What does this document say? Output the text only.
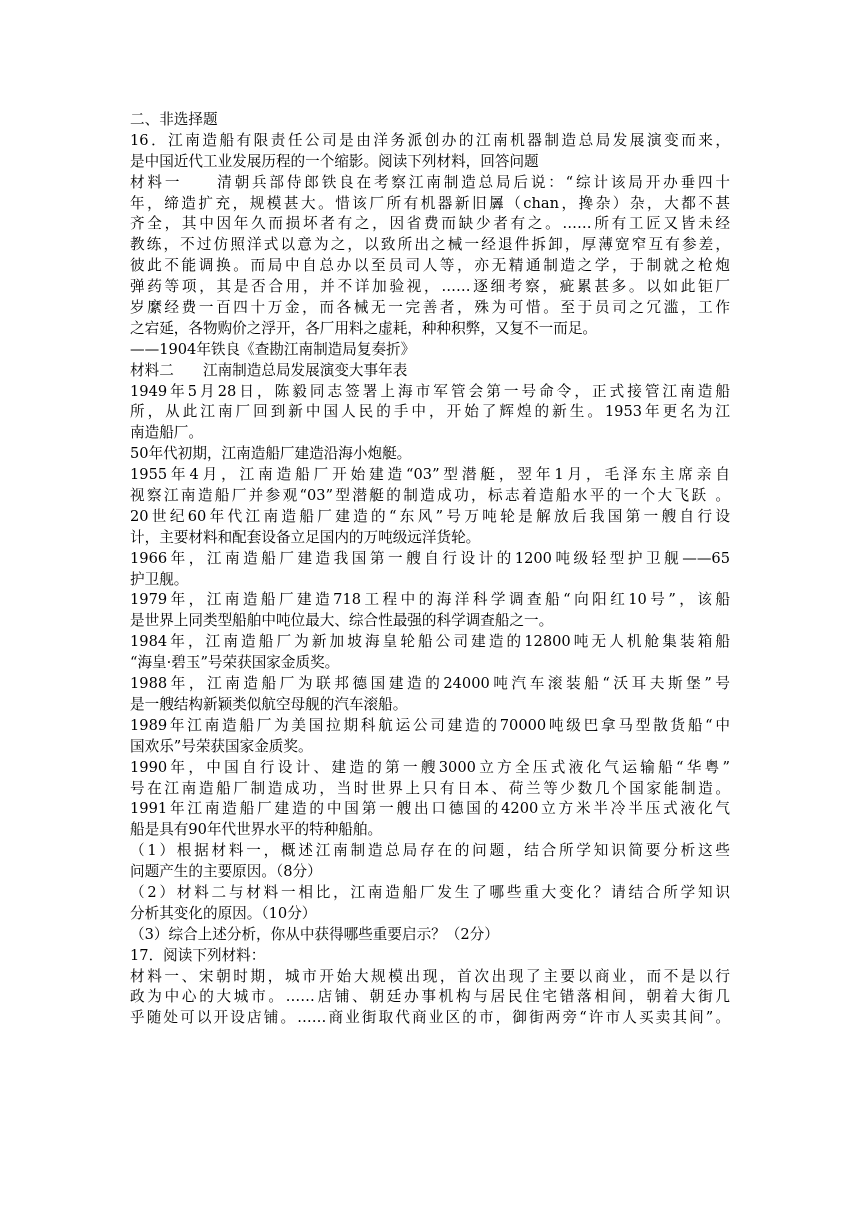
二、非选择题
16．江南造船有限责任公司是由洋务派创办的江南机器制造总局发展演变而来，
是中国近代工业发展历程的一个缩影。阅读下列材料，回答问题
材料一　　清朝兵部侍郎铁良在考察江南制造总局后说：“综计该局开办垂四十
年，缔造扩充，规模甚大。惜该厂所有机器新旧羼（chan，搀杂）杂，大都不甚
齐全，其中因年久而损坏者有之，因省费而缺少者有之。……所有工匠又皆未经
教练，不过仿照洋式以意为之，以致所出之械一经退件拆卸，厚薄宽窄互有参差，
彼此不能调换。而局中自总办以至员司人等，亦无精通制造之学，于制就之枪炮
弹药等项，其是否合用，并不详加验视，……逐细考察，疵累甚多。以如此钜厂
岁縻经费一百四十万金，而各械无一完善者，殊为可惜。至于员司之冗滥，工作
之宕延，各物购价之浮开，各厂用料之虚耗，种种积弊，又复不一而足。
——1904年铁良《查勘江南制造局复奏折》
材料二　　江南制造总局发展演变大事年表
1949年5月28日，陈毅同志签署上海市军管会第一号命令，正式接管江南造船
所，从此江南厂回到新中国人民的手中，开始了辉煌的新生。1953年更名为江
南造船厂。
50年代初期，江南造船厂建造沿海小炮艇。
1955年4月，江南造船厂开始建造“03”型潜艇，翌年1月，毛泽东主席亲自
视察江南造船厂并参观“03”型潜艇的制造成功，标志着造船水平的一个大飞跃 。
20世纪60年代江南造船厂建造的“东风”号万吨轮是解放后我国第一艘自行设
计，主要材料和配套设备立足国内的万吨级远洋货轮。
1966年，江南造船厂建造我国第一艘自行设计的1200吨级轻型护卫舰——65
护卫舰。
1979年，江南造船厂建造718工程中的海洋科学调查船“向阳红10号”，该船
是世界上同类型船舶中吨位最大、综合性最强的科学调查船之一。
1984年，江南造船厂为新加坡海皇轮船公司建造的12800吨无人机舱集装箱船
“海皇·碧玉”号荣获国家金质奖。
1988年，江南造船厂为联邦德国建造的24000吨汽车滚装船“沃耳夫斯堡”号
是一艘结构新颖类似航空母舰的汽车滚船。
1989年江南造船厂为美国拉期科航运公司建造的70000吨级巴拿马型散货船“中
国欢乐”号荣获国家金质奖。
1990年，中国自行设计、建造的第一艘3000立方全压式液化气运输船“华粤”
号在江南造船厂制造成功，当时世界上只有日本、荷兰等少数几个国家能制造。
1991年江南造船厂建造的中国第一艘出口德国的4200立方米半冷半压式液化气
船是具有90年代世界水平的特种船舶。
（1）根据材料一，概述江南制造总局存在的问题，结合所学知识简要分析这些
问题产生的主要原因。（8分）
（2）材料二与材料一相比，江南造船厂发生了哪些重大变化？请结合所学知识
分析其变化的原因。（10分）
（3）综合上述分析，你从中获得哪些重要启示？（2分）
17．阅读下列材料：
材料一、宋朝时期，城市开始大规模出现，首次出现了主要以商业，而不是以行
政为中心的大城市。……店铺、朝廷办事机构与居民住宅错落相间，朝着大街几
乎随处可以开设店铺。……商业街取代商业区的市，御街两旁“许市人买卖其间”。
